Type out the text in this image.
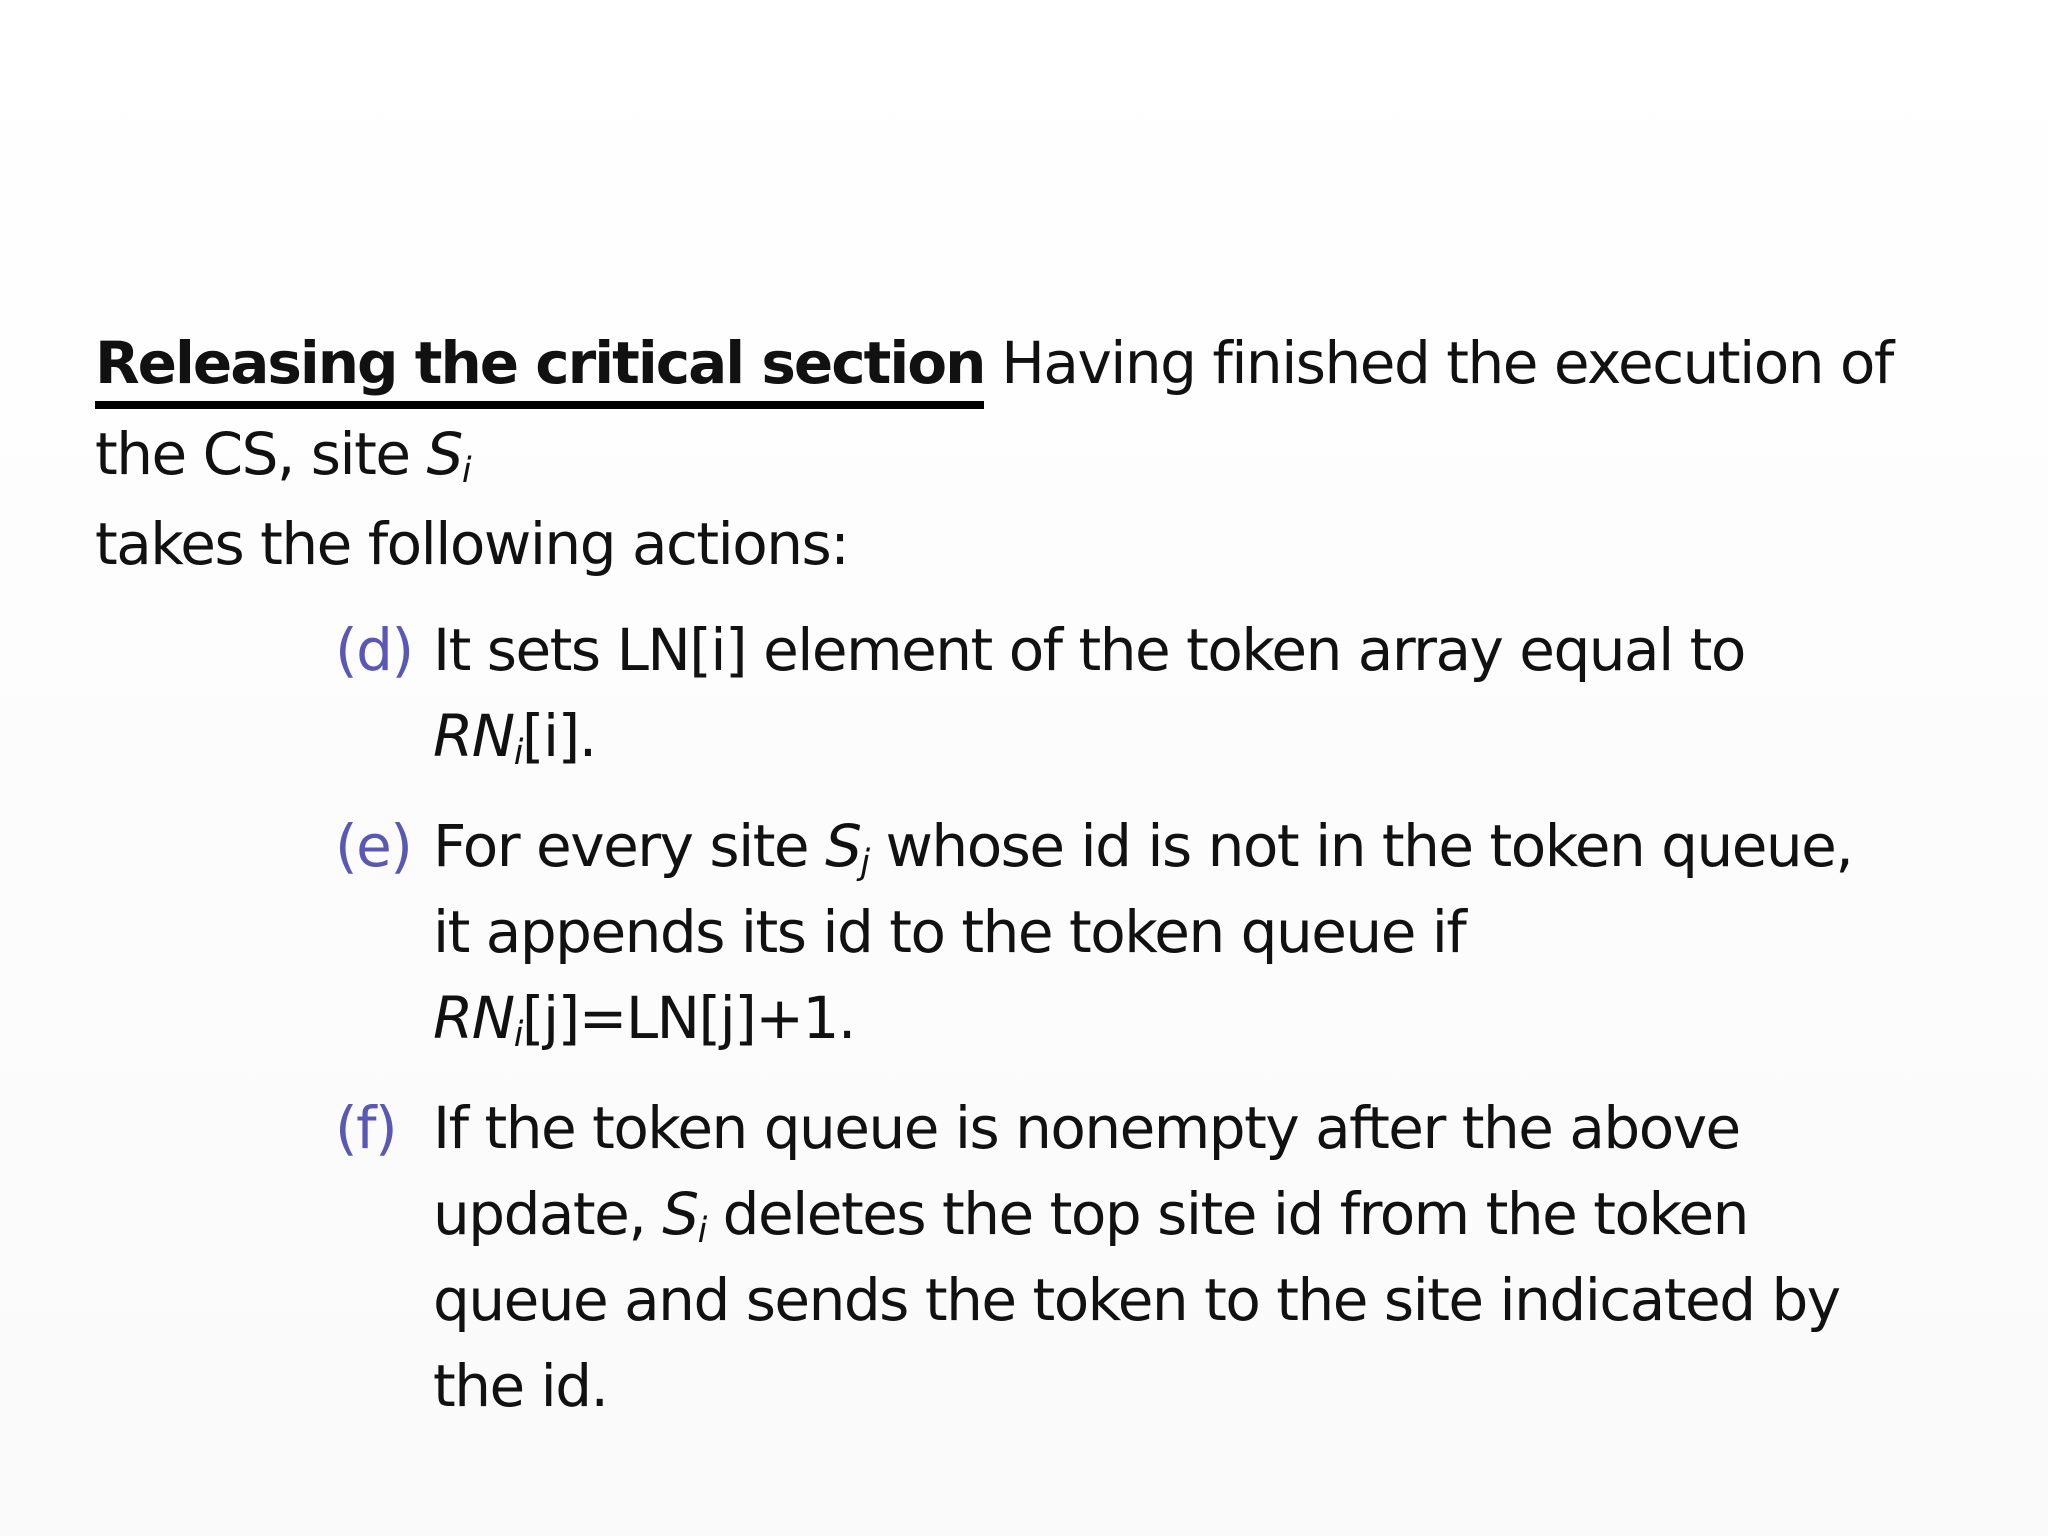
Releasing the critical section Having finished the execution of the CS, site $S_i$
takes the following actions:

(d) It sets LN[i] element of the token array equal to $RN_i[i]$.
(e) For every site $S_j$ whose id is not in the token queue, it appends its id to the token queue if $RN_i[j]=LN[j]+1$.
(f) If the token queue is nonempty after the above update, $S_i$ deletes the top site id from the token queue and sends the token to the site indicated by the id.
